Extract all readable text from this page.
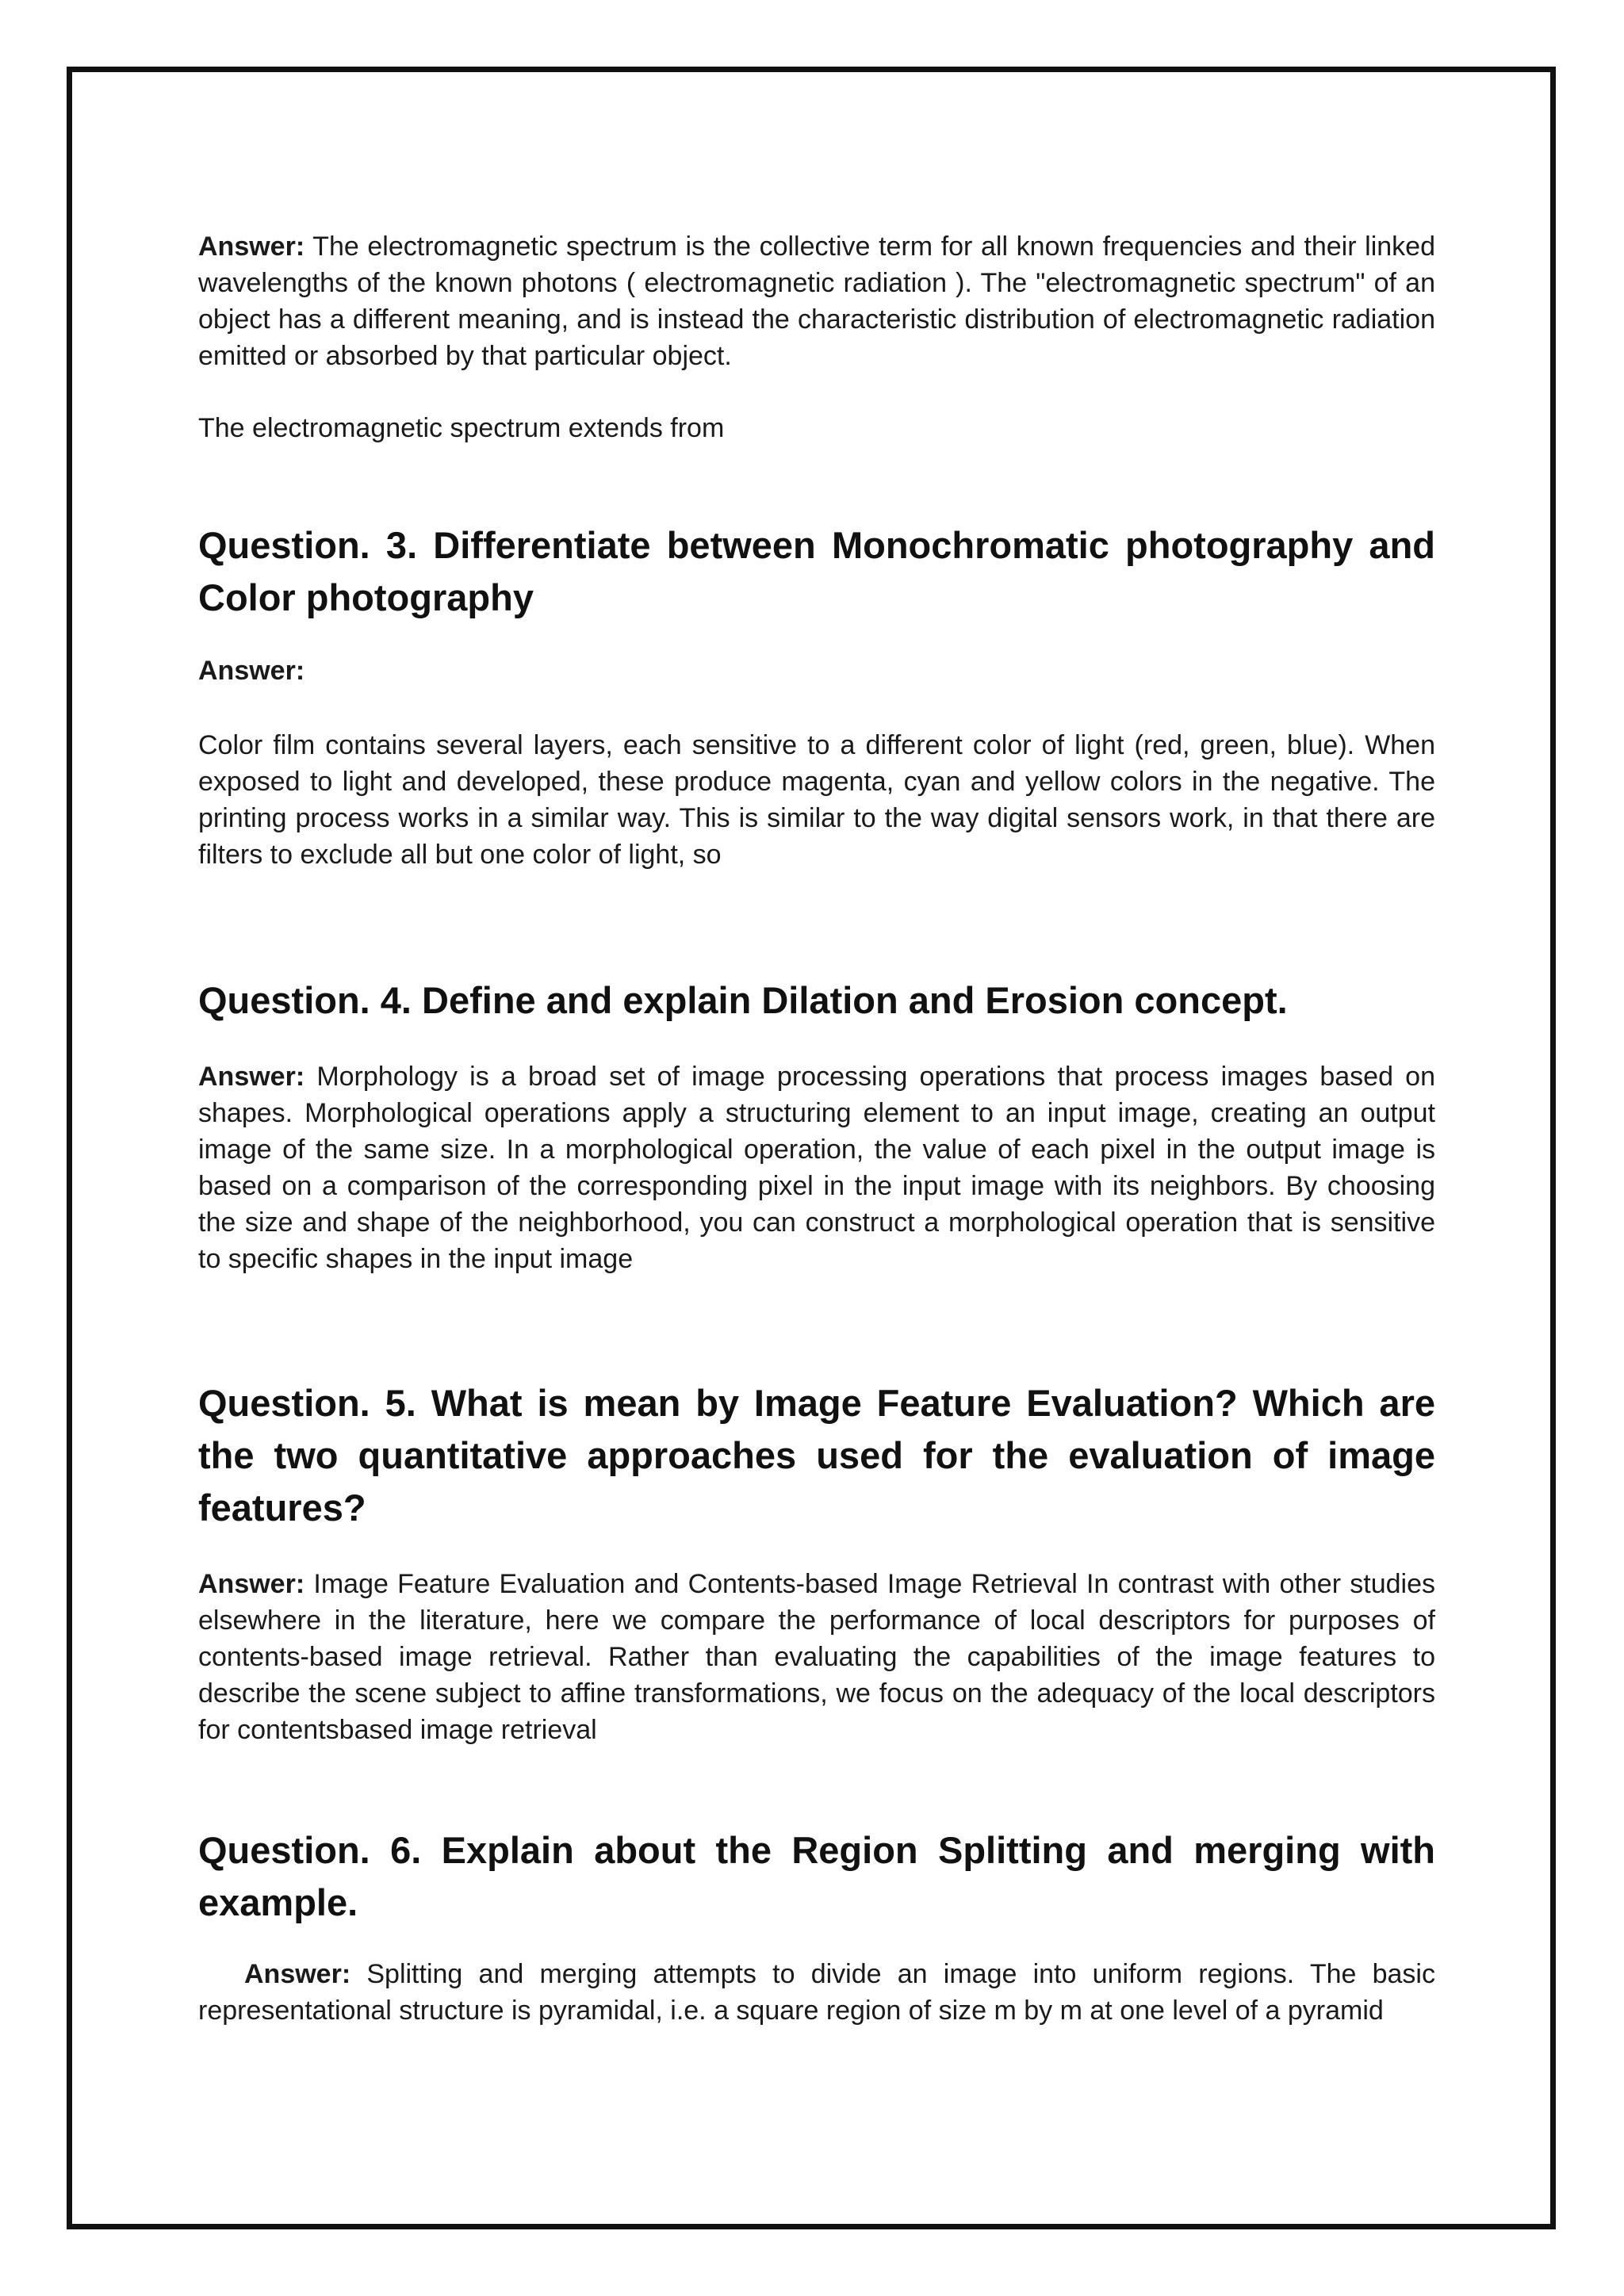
Answer: The electromagnetic spectrum is the collective term for all known frequencies and their linked wavelengths of the known photons ( electromagnetic radiation ). The "electromagnetic spectrum" of an object has a different meaning, and is instead the characteristic distribution of electromagnetic radiation emitted or absorbed by that particular object.

The electromagnetic spectrum extends from

Question. 3. Differentiate between Monochromatic photography and Color photography

Answer:

Color film contains several layers, each sensitive to a different color of light (red, green, blue). When exposed to light and developed, these produce magenta, cyan and yellow colors in the negative. The printing process works in a similar way. This is similar to the way digital sensors work, in that there are filters to exclude all but one color of light, so

Question. 4. Define and explain Dilation and Erosion concept.

Answer: Morphology is a broad set of image processing operations that process images based on shapes. Morphological operations apply a structuring element to an input image, creating an output image of the same size. In a morphological operation, the value of each pixel in the output image is based on a comparison of the corresponding pixel in the input image with its neighbors. By choosing the size and shape of the neighborhood, you can construct a morphological operation that is sensitive to specific shapes in the input image

Question. 5. What is mean by Image Feature Evaluation? Which are the two quantitative approaches used for the evaluation of image features?

Answer: Image Feature Evaluation and Contents-based Image Retrieval In contrast with other studies elsewhere in the literature, here we compare the performance of local descriptors for purposes of contents-based image retrieval. Rather than evaluating the capabilities of the image features to describe the scene subject to affine transformations, we focus on the adequacy of the local descriptors for contentsbased image retrieval

Question. 6. Explain about the Region Splitting and merging with example.

Answer: Splitting and merging attempts to divide an image into uniform regions. The basic representational structure is pyramidal, i.e. a square region of size m by m at one level of a pyramid
